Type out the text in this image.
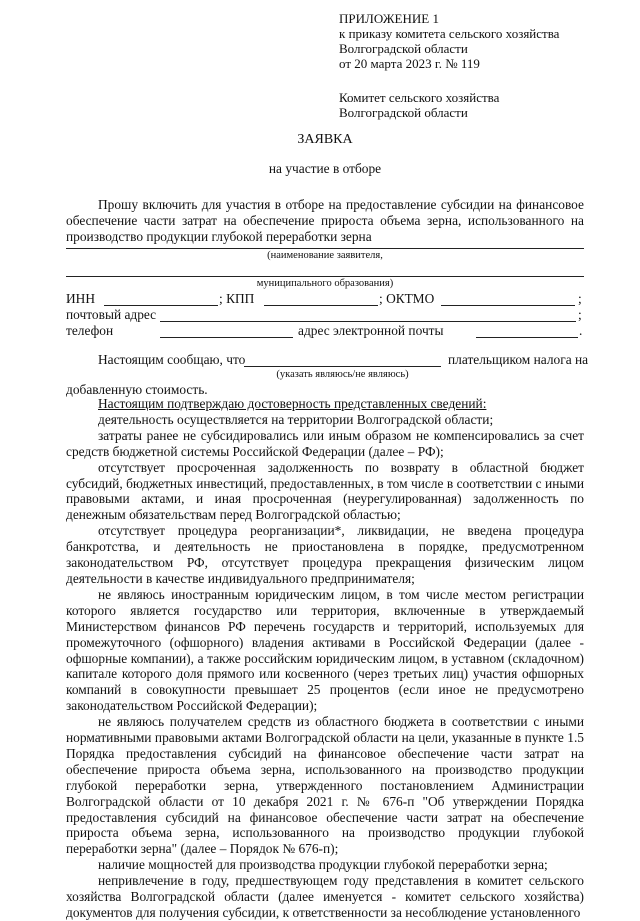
ПРИЛОЖЕНИЕ 1
к приказу комитета сельского хозяйства
Волгоградской области
от 20 марта 2023 г. № 119
Комитет сельского хозяйства
Волгоградской области
ЗАЯВКА
на участие в отборе

Прошу включить для участия в отборе на предоставление субсидии на финансовое обеспечение части затрат на обеспечение прироста объема зерна, использованного на производство продукции глубокой переработки зерна

(наименование заявителя,
муниципального образования)
ИНН	; КПП	; ОКТМО	;
почтовый адрес	;
телефон	адрес электронной почты	.
Настоящим сообщаю, что	плательщиком налога на
(указать являюсь/не являюсь)
добавленную стоимость.

Настоящим подтверждаю достоверность представленных сведений:

деятельность осуществляется на территории Волгоградской области;

затраты ранее не субсидировались или иным образом не компенсировались за счет средств бюджетной системы Российской Федерации (далее – РФ);

отсутствует просроченная задолженность по возврату в областной бюджет субсидий, бюджетных инвестиций, предоставленных, в том числе в соответствии с иными правовыми актами, и иная просроченная (неурегулированная) задолженность по денежным обязательствам перед Волгоградской областью;

отсутствует процедура реорганизации*, ликвидации, не введена процедура банкротства, и деятельность не приостановлена в порядке, предусмотренном законодательством РФ, отсутствует процедура прекращения физическим лицом деятельности в качестве индивидуального предпринимателя;

не являюсь иностранным юридическим лицом, в том числе местом регистрации которого является государство или территория, включенные в утверждаемый Министерством финансов РФ перечень государств и территорий, используемых для промежуточного (офшорного) владения активами в Российской Федерации (далее - офшорные компании), а также российским юридическим лицом, в уставном (складочном) капитале которого доля прямого или косвенного (через третьих лиц) участия офшорных компаний в совокупности превышает 25 процентов (если иное не предусмотрено законодательством Российской Федерации);

не являюсь получателем средств из областного бюджета в соответствии с иными нормативными правовыми актами Волгоградской области на цели, указанные в пункте 1.5 Порядка предоставления субсидий на финансовое обеспечение части затрат на обеспечение прироста объема зерна, использованного на производство продукции глубокой переработки зерна, утвержденного постановлением Администрации Волгоградской области от 10 декабря 2021 г. № 676-п "Об утверждении Порядка предоставления субсидий на финансовое обеспечение части затрат на обеспечение прироста объема зерна, использованного на производство продукции глубокой переработки зерна" (далее – Порядок № 676-п);

наличие мощностей для производства продукции глубокой переработки зерна;

непривлечение в году, предшествующем году представления в комитет сельского хозяйства Волгоградской области (далее именуется - комитет сельского хозяйства) документов для получения субсидии, к ответственности за несоблюдение установленного
